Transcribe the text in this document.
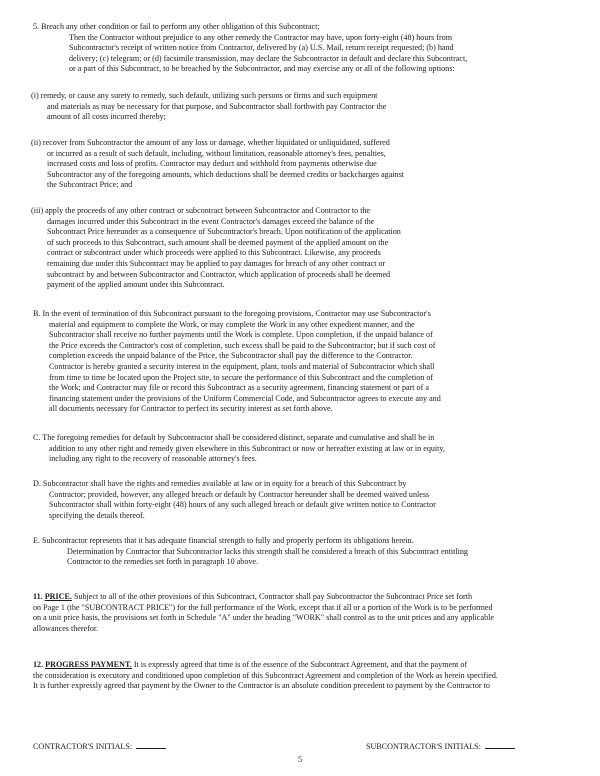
5. Breach any other condition or fail to perform any other obligation of this Subcontract;

Then the Contractor without prejudice to any other remedy the Contractor may have, upon forty-eight (48) hours from

Subcontractor's receipt of written notice from Contractor, delivered by (a) U.S. Mail, return receipt requested; (b) hand

delivery; (c) telegram; or (d) facsimile transmission, may declare the Subcontractor in default and declare this Subcontract,

or a part of this Subcontract, to be breached by the Subcontractor, and may exercise any or all of the following options:

(i) remedy, or cause any surety to remedy, such default, utilizing such persons or firms and such equipment

and materials as may be necessary for that purpose, and Subcontractor shall forthwith pay Contractor the

amount of all costs incurred thereby;

(ii) recover from Subcontractor the amount of any loss or damage, whether liquidated or unliquidated, suffered

or incurred as a result of such default, including, without limitation, reasonable attorney's fees, penalties,

increased costs and loss of profits. Contractor may deduct and withhold from payments otherwise due

Subcontractor any of the foregoing amounts, which deductions shall be deemed credits or backcharges against

the Subcontract Price; and

(iii) apply the proceeds of any other contract or subcontract between Subcontractor and Contractor to the

damages incurred under this Subcontract in the event Contractor's damages exceed the balance of the

Subcontract Price hereunder as a consequence of Subcontractor's breach. Upon notification of the application

of such proceeds to this Subcontract, such amount shall be deemed payment of the applied amount on the

contract or subcontract under which proceeds were applied to this Subcontract. Likewise, any proceeds

remaining due under this Subcontract may be applied to pay damages for breach of any other contract or

subcontract by and between Subcontractor and Contractor, which application of proceeds shall be deemed

payment of the applied amount under this Subcontract.

B. In the event of termination of this Subcontract pursuant to the foregoing provisions, Contractor may use Subcontractor's

material and equipment to complete the Work, or may complete the Work in any other expedient manner, and the

Subcontractor shall receive no further payments until the Work is complete. Upon completion, if the unpaid balance of

the Price exceeds the Contractor's cost of completion, such excess shall be paid to the Subcontractor; but if such cost of

completion exceeds the unpaid balance of the Price, the Subcontractor shall pay the difference to the Contractor.

Contractor is hereby granted a security interest in the equipment, plant, tools and material of Subcontractor which shall

from time to time be located upon the Project site, to secure the performance of this Subcontract and the completion of

the Work; and Contractor may file or record this Subcontract as a security agreement, financing statement or part of a

financing statement under the provisions of the Uniform Commercial Code, and Subcontractor agrees to execute any and

all documents necessary for Contractor to perfect its security interest as set forth above.

C. The foregoing remedies for default by Subcontractor shall be considered distinct, separate and cumulative and shall be in

addition to any other right and remedy given elsewhere in this Subcontract or now or hereafter existing at law or in equity,

including any right to the recovery of reasonable attorney's fees.

D. Subcontractor shall have the rights and remedies available at law or in equity for a breach of this Subcontract by

Contractor; provided, however, any alleged breach or default by Contractor hereunder shall be deemed waived unless

Subcontractor shall within forty-eight (48) hours of any such alleged breach or default give written notice to Contractor

specifying the details thereof.

E. Subcontractor represents that it has adequate financial strength to fully and properly perform its obligations herein.

Determination by Contractor that Subcontractor lacks this strength shall be considered a breach of this Subcontract entitling

Contractor to the remedies set forth in paragraph 10 above.

11. PRICE. Subject to all of the other provisions of this Subcontract, Contractor shall pay Subcontractor the Subcontract Price set forth

on Page 1 (the "SUBCONTRACT PRICE") for the full performance of the Work, except that if all or a portion of the Work is to be performed

on a unit price basis, the provisions set forth in Schedule "A" under the heading "WORK" shall control as to the unit prices and any applicable

allowances therefor.

12. PROGRESS PAYMENT. It is expressly agreed that time is of the essence of the Subcontract Agreement, and that the payment of

the consideration is executory and conditioned upon completion of this Subcontract Agreement and completion of the Work as herein specified.

It is further expressly agreed that payment by the Owner to the Contractor is an absolute condition precedent to payment by the Contractor to

CONTRACTOR'S INITIALS:	SUBCONTRACTOR'S INITIALS:
5
